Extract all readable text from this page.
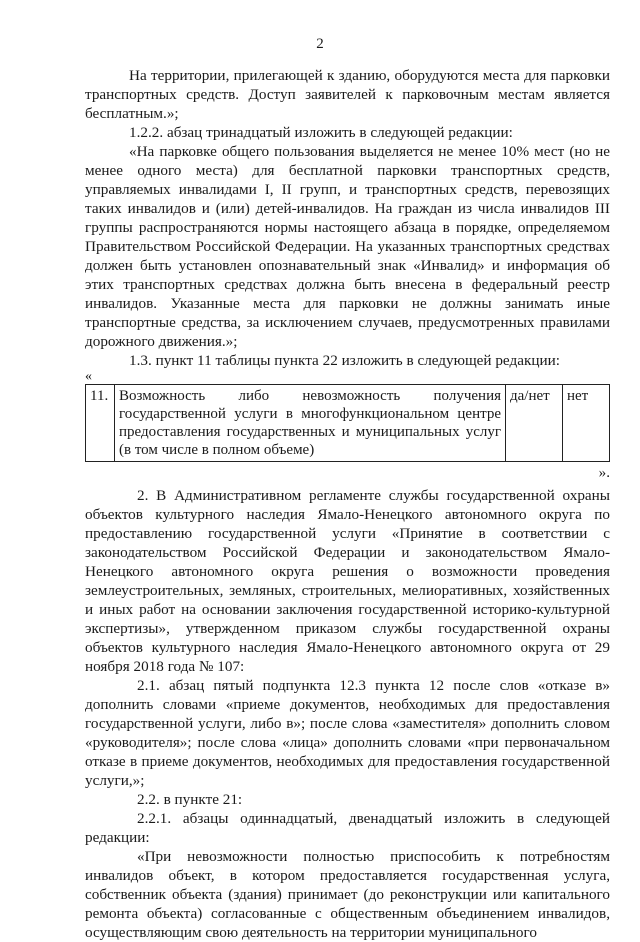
2

На территории, прилегающей к зданию, оборудуются места для парковки транспортных средств. Доступ заявителей к парковочным местам является бесплатным.»;

1.2.2. абзац тринадцатый изложить в следующей редакции:

«На парковке общего пользования выделяется не менее 10% мест (но не менее одного места) для бесплатной парковки транспортных средств, управляемых инвалидами I, II групп, и транспортных средств, перевозящих таких инвалидов и (или) детей-инвалидов. На граждан из числа инвалидов III группы распространяются нормы настоящего абзаца в порядке, определяемом Правительством Российской Федерации. На указанных транспортных средствах должен быть установлен опознавательный знак «Инвалид» и информация об этих транспортных средствах должна быть внесена в федеральный реестр инвалидов. Указанные места для парковки не должны занимать иные транспортные средства, за исключением случаев, предусмотренных правилами дорожного движения.»;

1.3. пункт 11 таблицы пункта 22 изложить в следующей редакции:

«

11.	Возможность либо невозможность получения государственной услуги в многофункциональном центре предоставления государственных и муниципальных услуг (в том числе в полном объеме)	да/нет	нет

».

2. В Административном регламенте службы государственной охраны объектов культурного наследия Ямало-Ненецкого автономного округа по предоставлению государственной услуги «Принятие в соответствии с законодательством Российской Федерации и законодательством Ямало-Ненецкого автономного округа решения о возможности проведения землеустроительных, земляных, строительных, мелиоративных, хозяйственных и иных работ на основании заключения государственной историко-культурной экспертизы», утвержденном приказом службы государственной охраны объектов культурного наследия Ямало-Ненецкого автономного округа от 29 ноября 2018 года № 107:

2.1. абзац пятый подпункта 12.3 пункта 12 после слов «отказе в» дополнить словами «приеме документов, необходимых для предоставления государственной услуги, либо в»; после слова «заместителя» дополнить словом «руководителя»; после слова «лица» дополнить словами «при первоначальном отказе в приеме документов, необходимых для предоставления государственной услуги,»;

2.2. в пункте 21:

2.2.1. абзацы одиннадцатый, двенадцатый изложить в следующей редакции:

«При невозможности полностью приспособить к потребностям инвалидов объект, в котором предоставляется государственная услуга, собственник объекта (здания) принимает (до реконструкции или капитального ремонта объекта) согласованные с общественным объединением инвалидов, осуществляющим свою деятельность на территории муниципального
